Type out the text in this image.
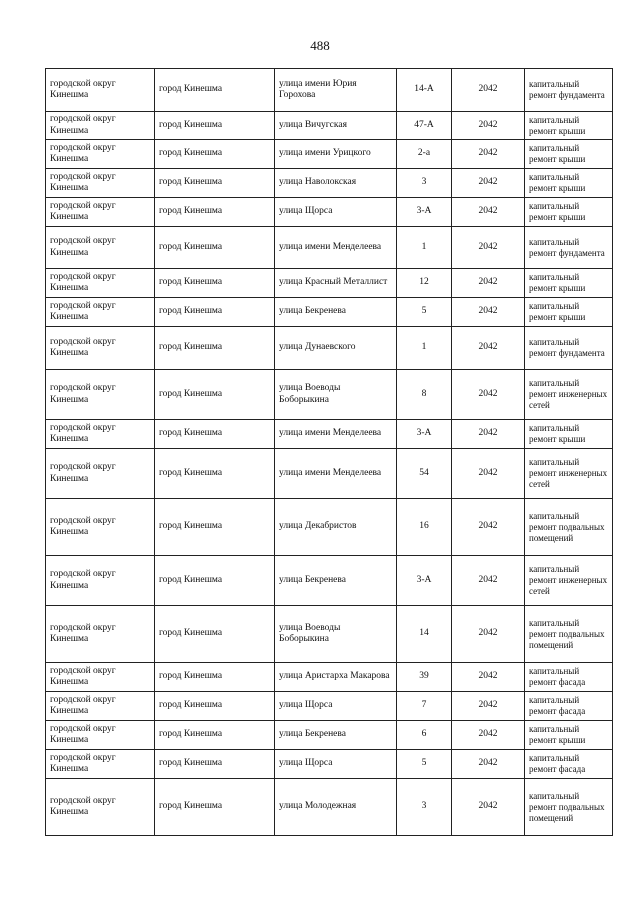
488
городской округ Кинешма	город Кинешма	улица имени Юрия Горохова	14-А	2042	капитальный ремонт фундамента
городской округ Кинешма	город Кинешма	улица Вичугская	47-А	2042	капитальный ремонт крыши
городской округ Кинешма	город Кинешма	улица имени Урицкого	2-а	2042	капитальный ремонт крыши
городской округ Кинешма	город Кинешма	улица Наволокская	3	2042	капитальный ремонт крыши
городской округ Кинешма	город Кинешма	улица Щорса	3-А	2042	капитальный ремонт крыши
городской округ Кинешма	город Кинешма	улица имени Менделеева	1	2042	капитальный ремонт фундамента
городской округ Кинешма	город Кинешма	улица Красный Металлист	12	2042	капитальный ремонт крыши
городской округ Кинешма	город Кинешма	улица Бекренева	5	2042	капитальный ремонт крыши
городской округ Кинешма	город Кинешма	улица Дунаевского	1	2042	капитальный ремонт фундамента
городской округ Кинешма	город Кинешма	улица Воеводы Боборыкина	8	2042	капитальный ремонт инженерных сетей
городской округ Кинешма	город Кинешма	улица имени Менделеева	3-А	2042	капитальный ремонт крыши
городской округ Кинешма	город Кинешма	улица имени Менделеева	54	2042	капитальный ремонт инженерных сетей
городской округ Кинешма	город Кинешма	улица Декабристов	16	2042	капитальный ремонт подвальных помещений
городской округ Кинешма	город Кинешма	улица Бекренева	3-А	2042	капитальный ремонт инженерных сетей
городской округ Кинешма	город Кинешма	улица Воеводы Боборыкина	14	2042	капитальный ремонт подвальных помещений
городской округ Кинешма	город Кинешма	улица Аристарха Макарова	39	2042	капитальный ремонт фасада
городской округ Кинешма	город Кинешма	улица Щорса	7	2042	капитальный ремонт фасада
городской округ Кинешма	город Кинешма	улица Бекренева	6	2042	капитальный ремонт крыши
городской округ Кинешма	город Кинешма	улица Щорса	5	2042	капитальный ремонт фасада
городской округ Кинешма	город Кинешма	улица Молодежная	3	2042	капитальный ремонт подвальных помещений
